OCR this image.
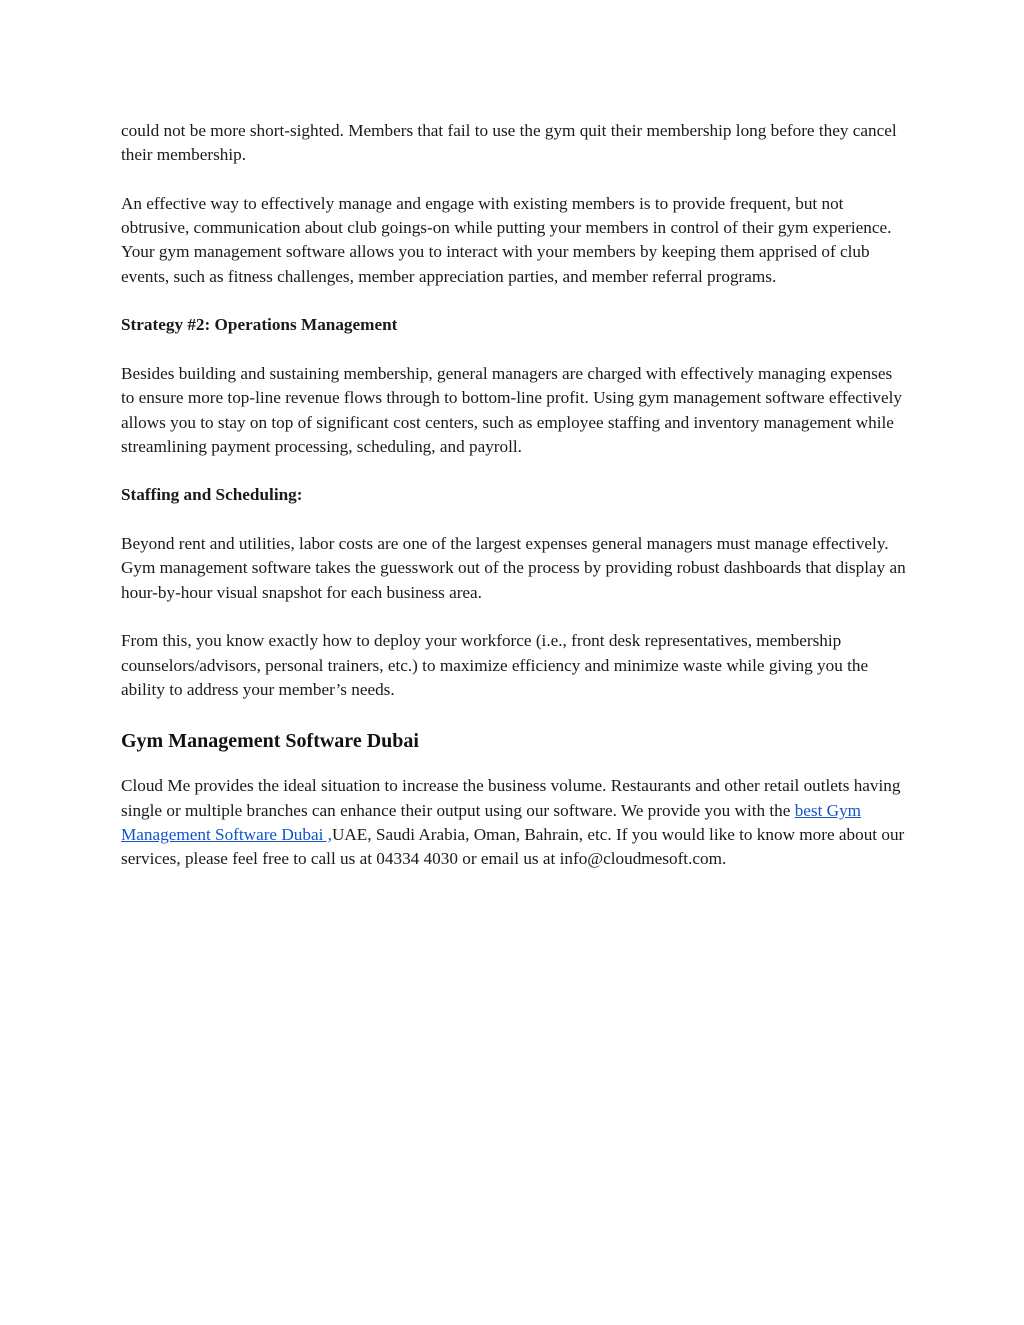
could not be more short-sighted. Members that fail to use the gym quit their membership long before they cancel their membership.

An effective way to effectively manage and engage with existing members is to provide frequent, but not obtrusive, communication about club goings-on while putting your members in control of their gym experience. Your gym management software allows you to interact with your members by keeping them apprised of club events, such as fitness challenges, member appreciation parties, and member referral programs.

Strategy #2: Operations Management

Besides building and sustaining membership, general managers are charged with effectively managing expenses to ensure more top-line revenue flows through to bottom-line profit. Using gym management software effectively allows you to stay on top of significant cost centers, such as employee staffing and inventory management while streamlining payment processing, scheduling, and payroll.

Staffing and Scheduling:

Beyond rent and utilities, labor costs are one of the largest expenses general managers must manage effectively. Gym management software takes the guesswork out of the process by providing robust dashboards that display an hour-by-hour visual snapshot for each business area.

From this, you know exactly how to deploy your workforce (i.e., front desk representatives, membership counselors/advisors, personal trainers, etc.) to maximize efficiency and minimize waste while giving you the ability to address your member’s needs.

Gym Management Software Dubai

Cloud Me provides the ideal situation to increase the business volume. Restaurants and other retail outlets having single or multiple branches can enhance their output using our software. We provide you with the best Gym Management Software Dubai ,UAE, Saudi Arabia, Oman, Bahrain, etc. If you would like to know more about our services, please feel free to call us at 04334 4030 or email us at info@cloudmesoft.com.
